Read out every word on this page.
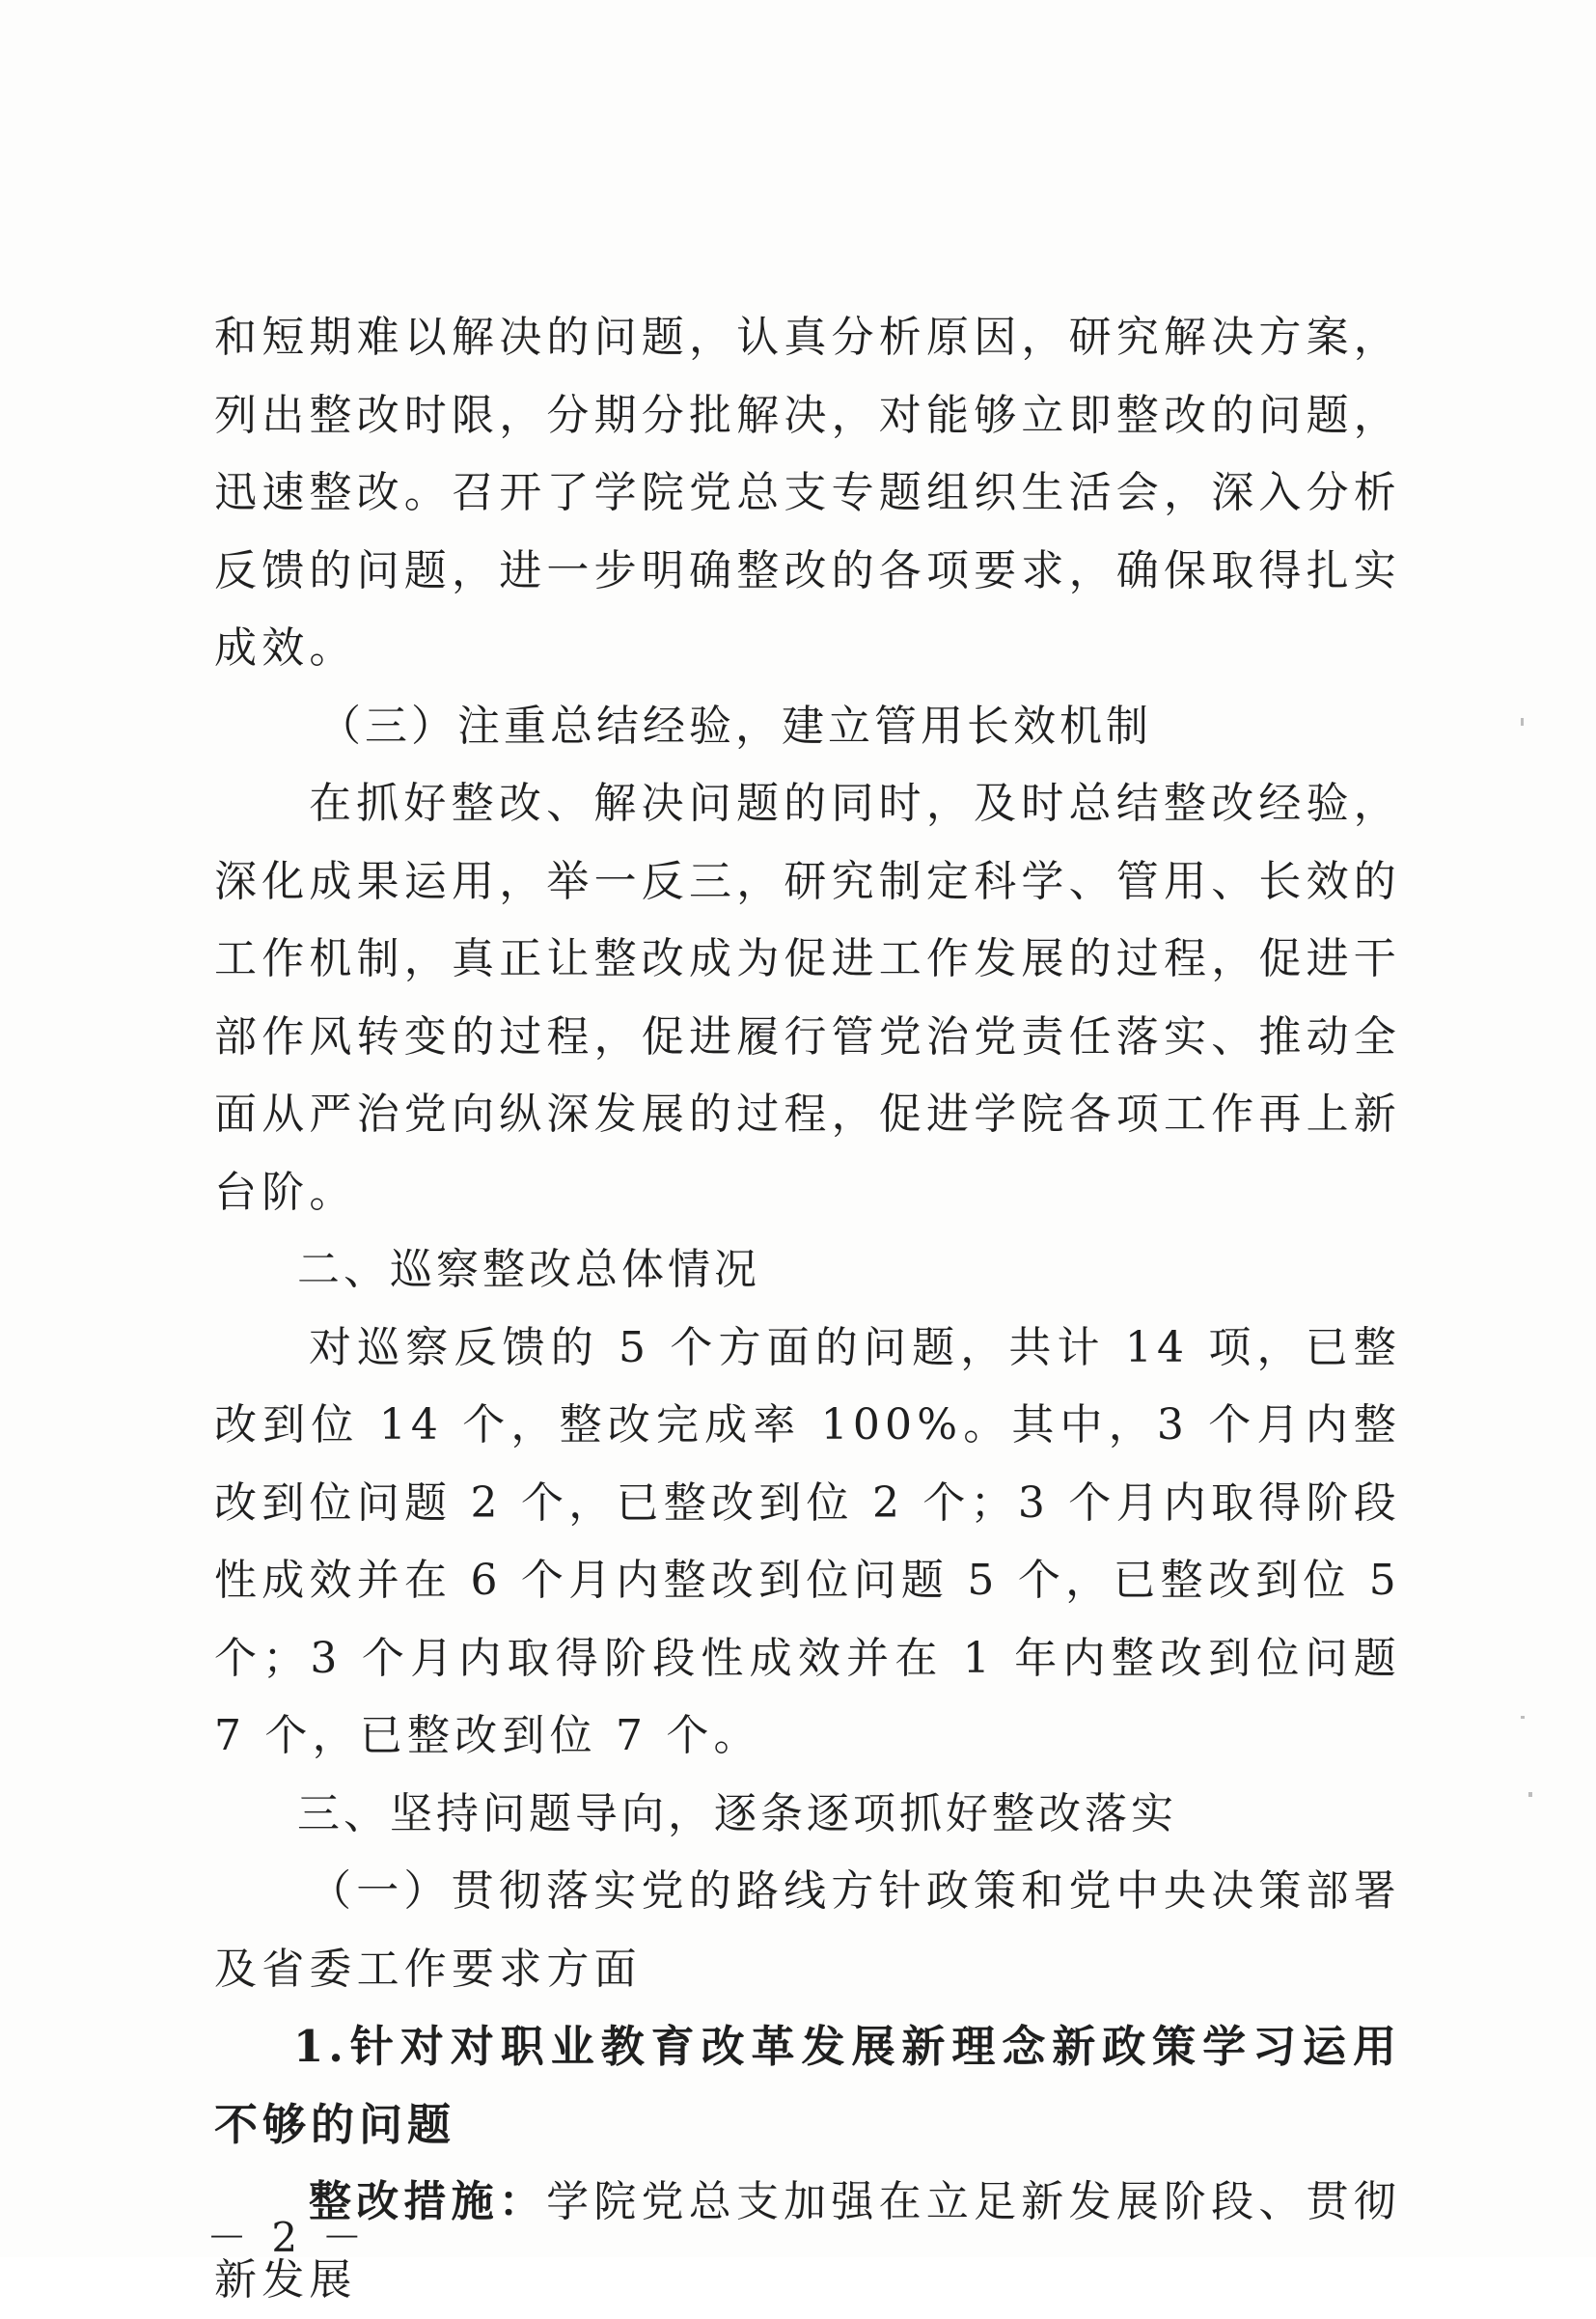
和短期难以解决的问题，认真分析原因，研究解决方案，列出整改时限，分期分批解决，对能够立即整改的问题，迅速整改。召开了学院党总支专题组织生活会，深入分析反馈的问题，进一步明确整改的各项要求，确保取得扎实成效。

（三）注重总结经验，建立管用长效机制

在抓好整改、解决问题的同时，及时总结整改经验，深化成果运用，举一反三，研究制定科学、管用、长效的工作机制，真正让整改成为促进工作发展的过程，促进干部作风转变的过程，促进履行管党治党责任落实、推动全面从严治党向纵深发展的过程，促进学院各项工作再上新台阶。

二、巡察整改总体情况

对巡察反馈的 5 个方面的问题，共计 14 项，已整改到位 14 个，整改完成率 100%。其中，3 个月内整改到位问题 2 个，已整改到位 2 个；3 个月内取得阶段性成效并在 6 个月内整改到位问题 5 个，已整改到位 5 个；3 个月内取得阶段性成效并在 1 年内整改到位问题 7 个，已整改到位 7 个。

三、坚持问题导向，逐条逐项抓好整改落实

（一）贯彻落实党的路线方针政策和党中央决策部署及省委工作要求方面

1.针对对职业教育改革发展新理念新政策学习运用不够的问题

整改措施：学院党总支加强在立足新发展阶段、贯彻新发展

－ 2 －
